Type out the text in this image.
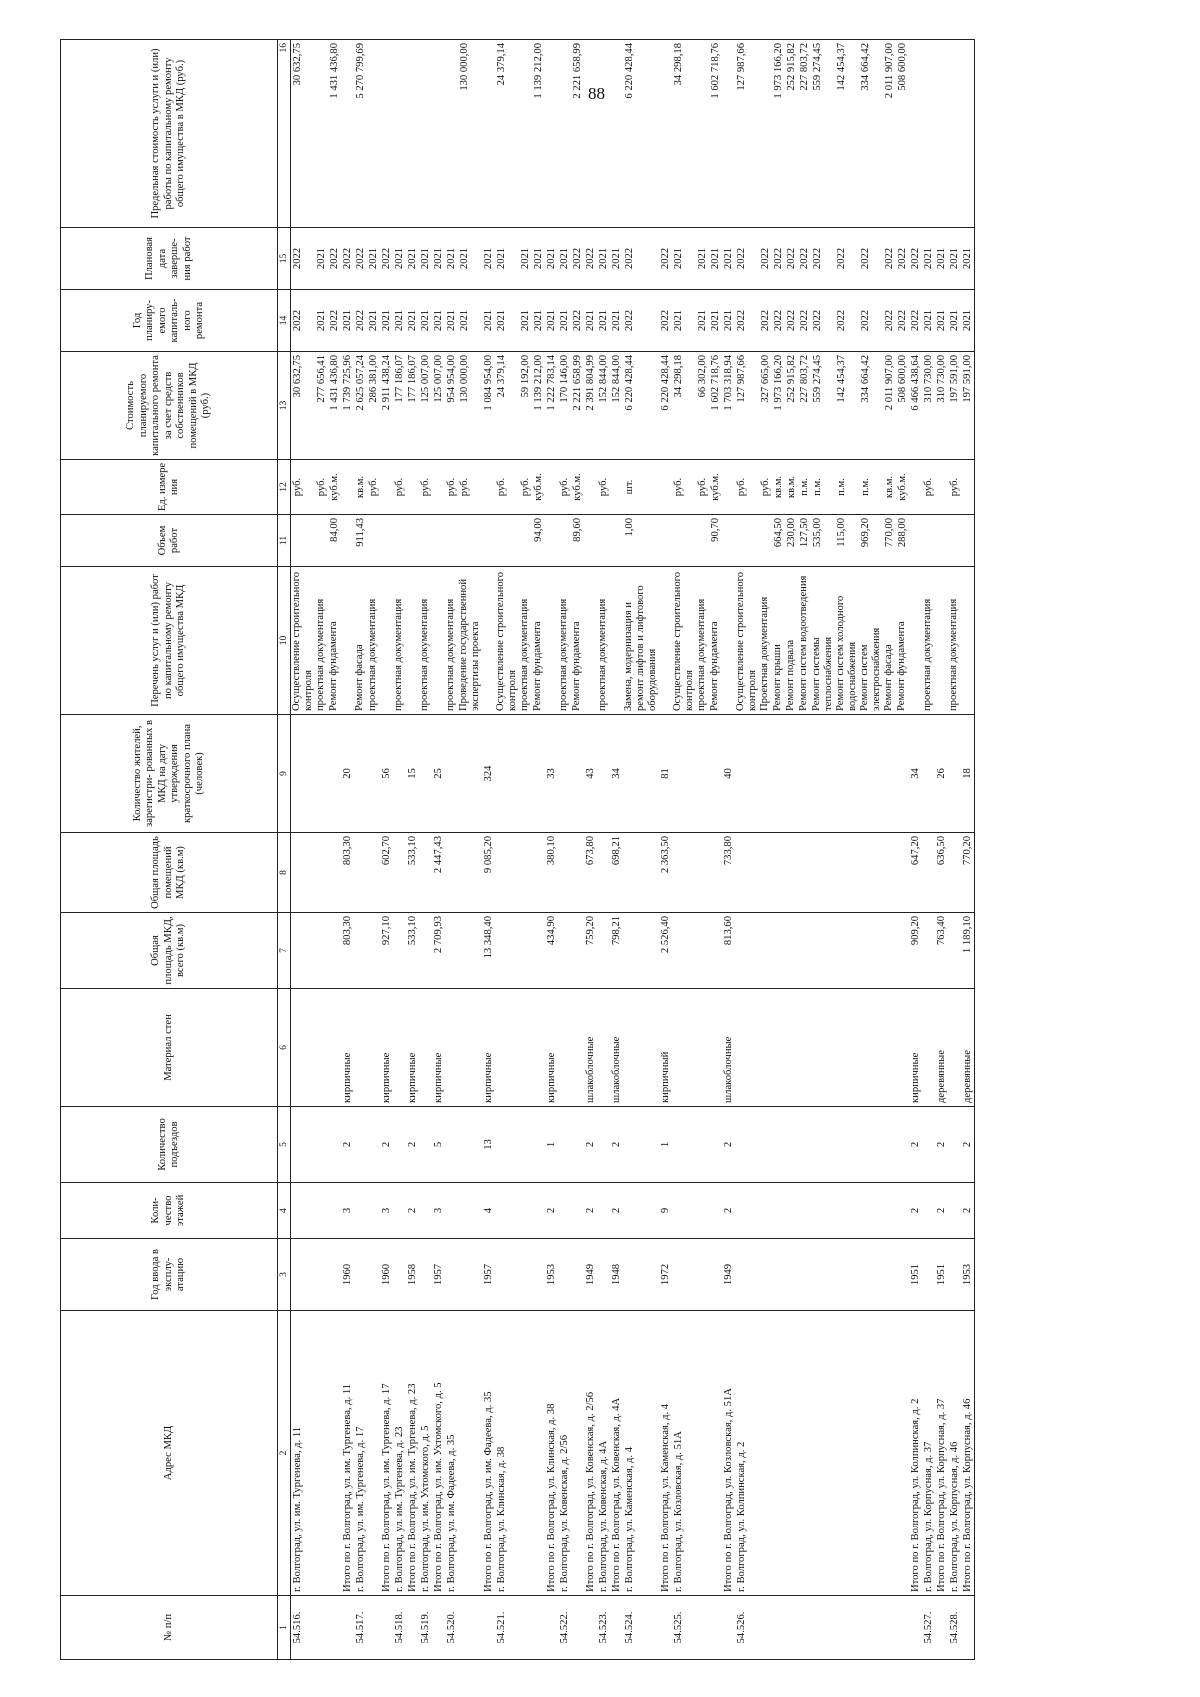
88
№ п/п	Адрес МКД	Год ввода в эксплу- атацию	Коли- чество этажей	Количество подъездов	Материал стен	Общая площадь МКД, всего (кв.м)	Общая площадь помещений МКД (кв.м)	Количество жителей, зарегистри- рованных в МКД на дату утверждения краткосрочного плана (человек)	Перечень услуг и (или) работ по капитальному ремонту общего имущества МКД	Объем работ	Ед. измере ния	Стоимость планируемого капитального ремонта за счет средств собственников помещений в МКД (руб.)	Год планиру- емого капиталь- ного ремонта	Плановая дата заверше- ния работ	Предельная стоимость услуги и (или) работы по капитальному ремонту общего имущества в МКД (руб.)
1	2	3	4	5	6	7	8	9	10	11	12	13	14	15	16
54.516.	г. Волгоград, ул. им. Тургенева, д. 11								Осуществление строительного контроля		руб.	30 632,75	2022	2022	30 632,75
									проектная документация		руб.	277 656,41	2021	2021	
									Ремонт фундамента	84,00	куб.м.	1 431 436,80	2022	2022	1 431 436,80
	Итого по г. Волгоград, ул. им. Тургенева, д. 11	1960	3	2	кирпичные	803,30	803,30	20				1 739 725,96	2021	2022	
54.517.	г. Волгоград, ул. им. Тургенева, д. 17								Ремонт фасада	911,43	кв.м.	2 625 057,24	2022	2022	5 270 799,69
									проектная документация		руб.	286 381,00	2021	2021	
	Итого по г. Волгоград, ул. им. Тургенева, д. 17	1960	3	2	кирпичные	927,10	602,70	56				2 911 438,24	2021	2022	
54.518.	г. Волгоград, ул. им. Тургенева, д. 23								проектная документация		руб.	177 186,07	2021	2021	
	Итого по г. Волгоград, ул. им. Тургенева, д. 23	1958	2	2	кирпичные	533,10	533,10	15				177 186,07	2021	2021	
54.519.	г. Волгоград, ул. им. Ухтомского, д. 5								проектная документация		руб.	125 007,00	2021	2021	
	Итого по г. Волгоград, ул. им. Ухтомского, д. 5	1957	3	5	кирпичные	2 709,93	2 447,43	25				125 007,00	2021	2021	
54.520.	г. Волгоград, ул. им. Фадеева, д. 35								проектная документация		руб.	954 954,00	2021	2021	
									Проведение государственной экспертизы проекта		руб.	130 000,00	2021	2021	130 000,00
	Итого по г. Волгоград, ул. им. Фадеева, д. 35	1957	4	13	кирпичные	13 348,40	9 085,20	324				1 084 954,00	2021	2021	
54.521.	г. Волгоград, ул. Клинская, д. 38								Осуществление строительного контроля		руб.	24 379,14	2021	2021	24 379,14
									проектная документация		руб.	59 192,00	2021	2021	
									Ремонт фундамента	94,00	куб.м.	1 139 212,00	2021	2021	1 139 212,00
	Итого по г. Волгоград, ул. Клинская, д. 38	1953	2	1	кирпичные	434,90	380,10	33				1 222 783,14	2021	2021	
54.522.	г. Волгоград, ул. Ковенская, д. 2/56								проектная документация		руб.	170 146,00	2021	2021	
									Ремонт фундамента	89,60	куб.м.	2 221 658,99	2022	2022	2 221 658,99
	Итого по г. Волгоград, ул. Ковенская, д. 2/56	1949	2	2	шлакоблочные	759,20	673,80	43				2 391 804,99	2021	2022	
54.523.	г. Волгоград, ул. Ковенская, д. 4А								проектная документация		руб.	152 844,00	2021	2021	
	Итого по г. Волгоград, ул. Ковенская, д. 4А	1948	2	2	шлакоблочные	798,21	698,21	34				152 844,00	2021	2021	
54.524.	г. Волгоград, ул. Каменская, д. 4								Замена, модернизация и ремонт лифтов и лифтового оборудования	1,00	шт.	6 220 428,44	2022	2022	6 220 428,44
	Итого по г. Волгоград, ул. Каменская, д. 4	1972	9	1	кирпичный	2 526,40	2 363,50	81				6 220 428,44	2022	2022	
54.525.	г. Волгоград, ул. Козловская, д. 51А								Осуществление строительного контроля		руб.	34 298,18	2021	2021	34 298,18
									проектная документация		руб.	66 302,00	2021	2021	
									Ремонт фундамента	90,70	куб.м.	1 602 718,76	2021	2021	1 602 718,76
	Итого по г. Волгоград, ул. Козловская, д. 51А	1949	2	2	шлакоблочные	813,60	733,80	40				1 703 318,94	2021	2021	
54.526.	г. Волгоград, ул. Колпинская, д. 2								Осуществление строительного контроля		руб.	127 987,66	2022	2022	127 987,66
									Проектная документация		руб.	327 665,00	2022	2022	
									Ремонт крыши	664,50	кв.м.	1 973 166,20	2022	2022	1 973 166,20
									Ремонт подвала	230,00	кв.м.	252 915,82	2022	2022	252 915,82
									Ремонт систем водоотведения	127,50	п.м.	227 803,72	2022	2022	227 803,72
									Ремонт системы теплоснабжения	535,00	п.м.	559 274,45	2022	2022	559 274,45
									Ремонт систем холодного водоснабжения	115,00	п.м.	142 454,37	2022	2022	142 454,37
									Ремонт систем электроснабжения	969,20	п.м.	334 664,42	2022	2022	334 664,42
									Ремонт фасада	770,00	кв.м.	2 011 907,00	2022	2022	2 011 907,00
									Ремонт фундамента	288,00	куб.м.	508 600,00	2022	2022	508 600,00
	Итого по г. Волгоград, ул. Колпинская, д. 2	1951	2	2	кирпичные	909,20	647,20	34				6 466 438,64	2022	2022	
54.527.	г. Волгоград, ул. Корпусная, д. 37								проектная документация		руб.	310 730,00	2021	2021	
	Итого по г. Волгоград, ул. Корпусная, д. 37	1951	2	2	деревянные	763,40	636,50	26				310 730,00	2021	2021	
54.528.	г. Волгоград, ул. Корпусная, д. 46								проектная документация		руб.	197 591,00	2021	2021	
	Итого по г. Волгоград, ул. Корпусная, д. 46	1953	2	2	деревянные	1 189,10	770,20	18				197 591,00	2021	2021	
